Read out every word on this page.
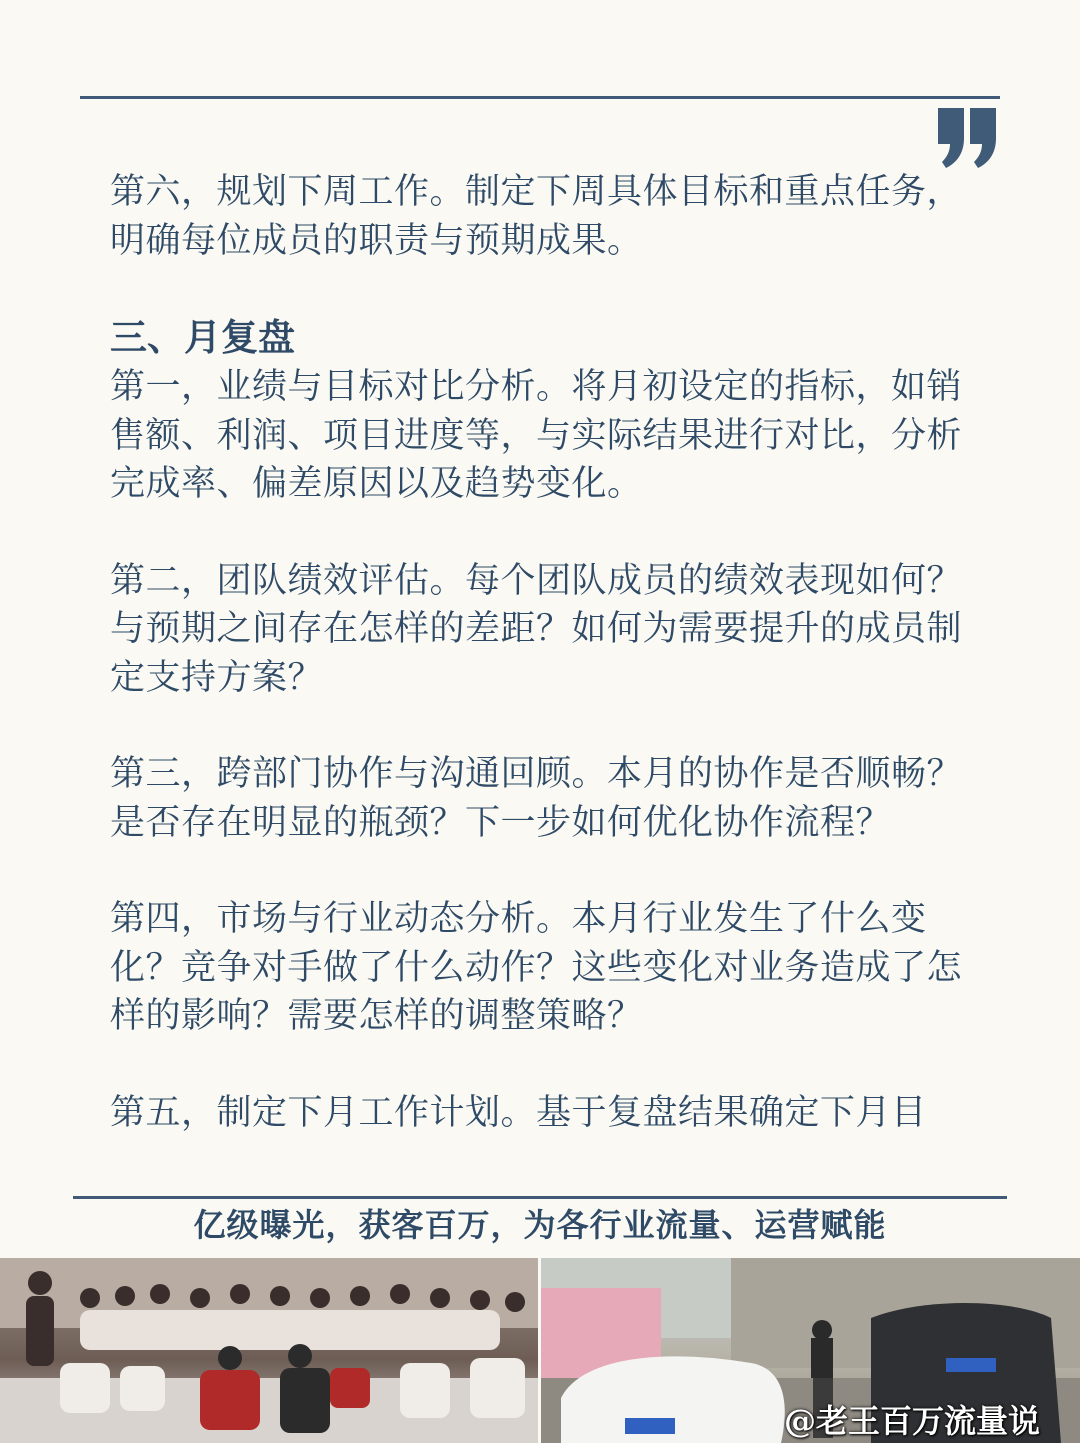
第六，规划下周工作。制定下周具体目标和重点任务，明确每位成员的职责与预期成果。

三、月复盘

第一，业绩与目标对比分析。将月初设定的指标，如销售额、利润、项目进度等，与实际结果进行对比，分析完成率、偏差原因以及趋势变化。

第二，团队绩效评估。每个团队成员的绩效表现如何？与预期之间存在怎样的差距？如何为需要提升的成员制定支持方案？

第三，跨部门协作与沟通回顾。本月的协作是否顺畅？是否存在明显的瓶颈？下一步如何优化协作流程？

第四，市场与行业动态分析。本月行业发生了什么变化？竞争对手做了什么动作？这些变化对业务造成了怎样的影响？需要怎样的调整策略？

第五，制定下月工作计划。基于复盘结果确定下月目

亿级曝光，获客百万，为各行业流量、运营赋能
@老王百万流量说
